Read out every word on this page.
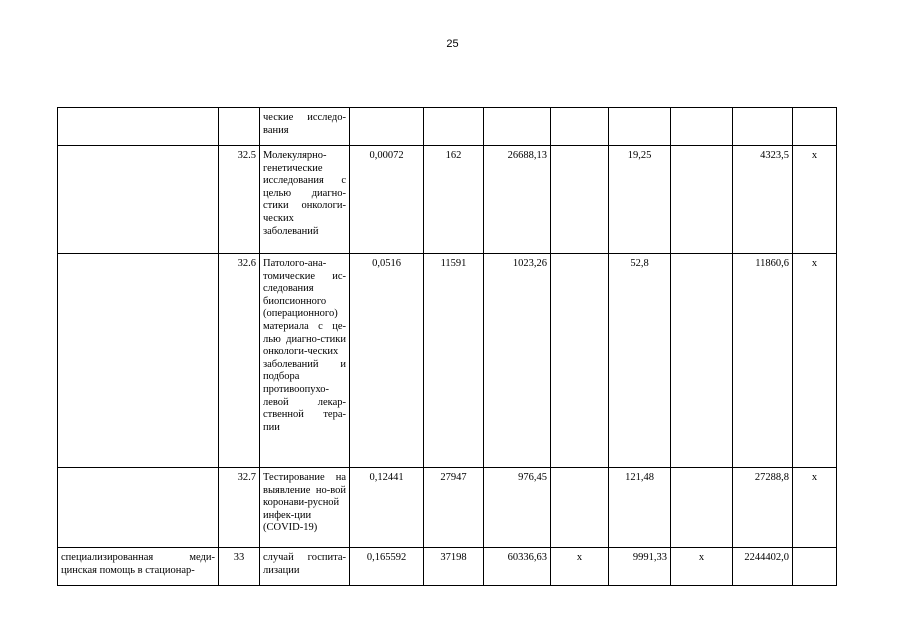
25
		ческие исследо-вания								
	32.5	Молекулярно-генетические исследования с целью диагно-стики онкологи-ческих заболеваний	0,00072	162	26688,13		19,25		4323,5	х
	32.6	Патолого-ана-томические ис-следования биопсионного (операционного) материала с це-лью диагно-стики онкологи-ческих заболеваний и подбора противоопухо-левой лекар-ственной тера-пии	0,0516	11591	1023,26		52,8		11860,6	х
	32.7	Тестирование на выявление но-вой коронави-русной инфек-ции (COVID-19)	0,12441	27947	976,45		121,48		27288,8	х
специализированная меди-цинская помощь в стационар-	33	случай госпита-лизации	0,165592	37198	60336,63	х	9991,33	х	2244402,0	
